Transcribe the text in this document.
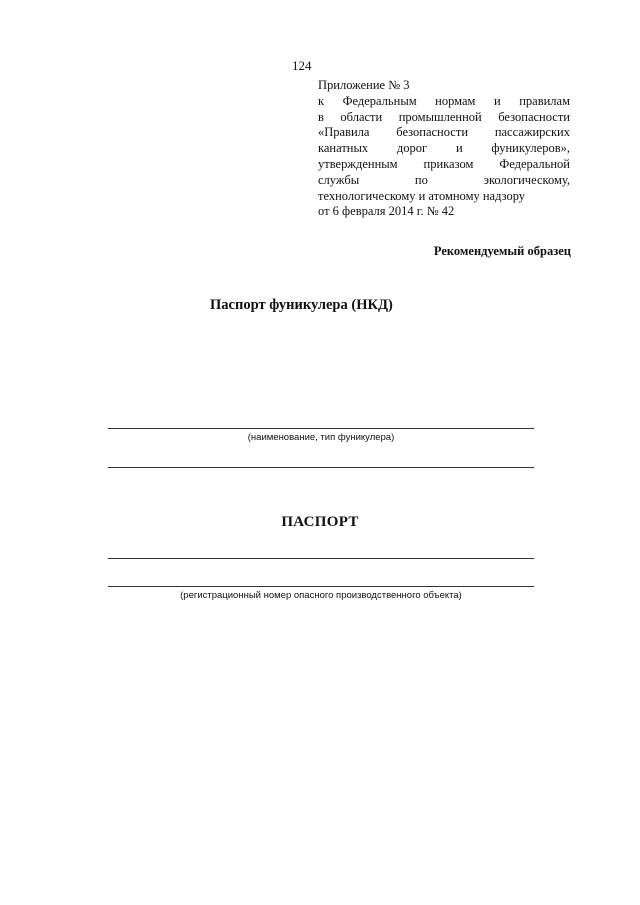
124
Приложение № 3
к Федеральным нормам и правилам
в области промышленной безопасности
«Правила безопасности пассажирских
канатных дорог и фуникулеров»,
утвержденным приказом Федеральной
службы по экологическому,
технологическому и атомному надзору
от 6 февраля 2014 г. № 42
Рекомендуемый образец
Паспорт фуникулера (НКД)
(наименование, тип фуникулера)
ПАСПОРТ
(регистрационный номер опасного производственного объекта)
